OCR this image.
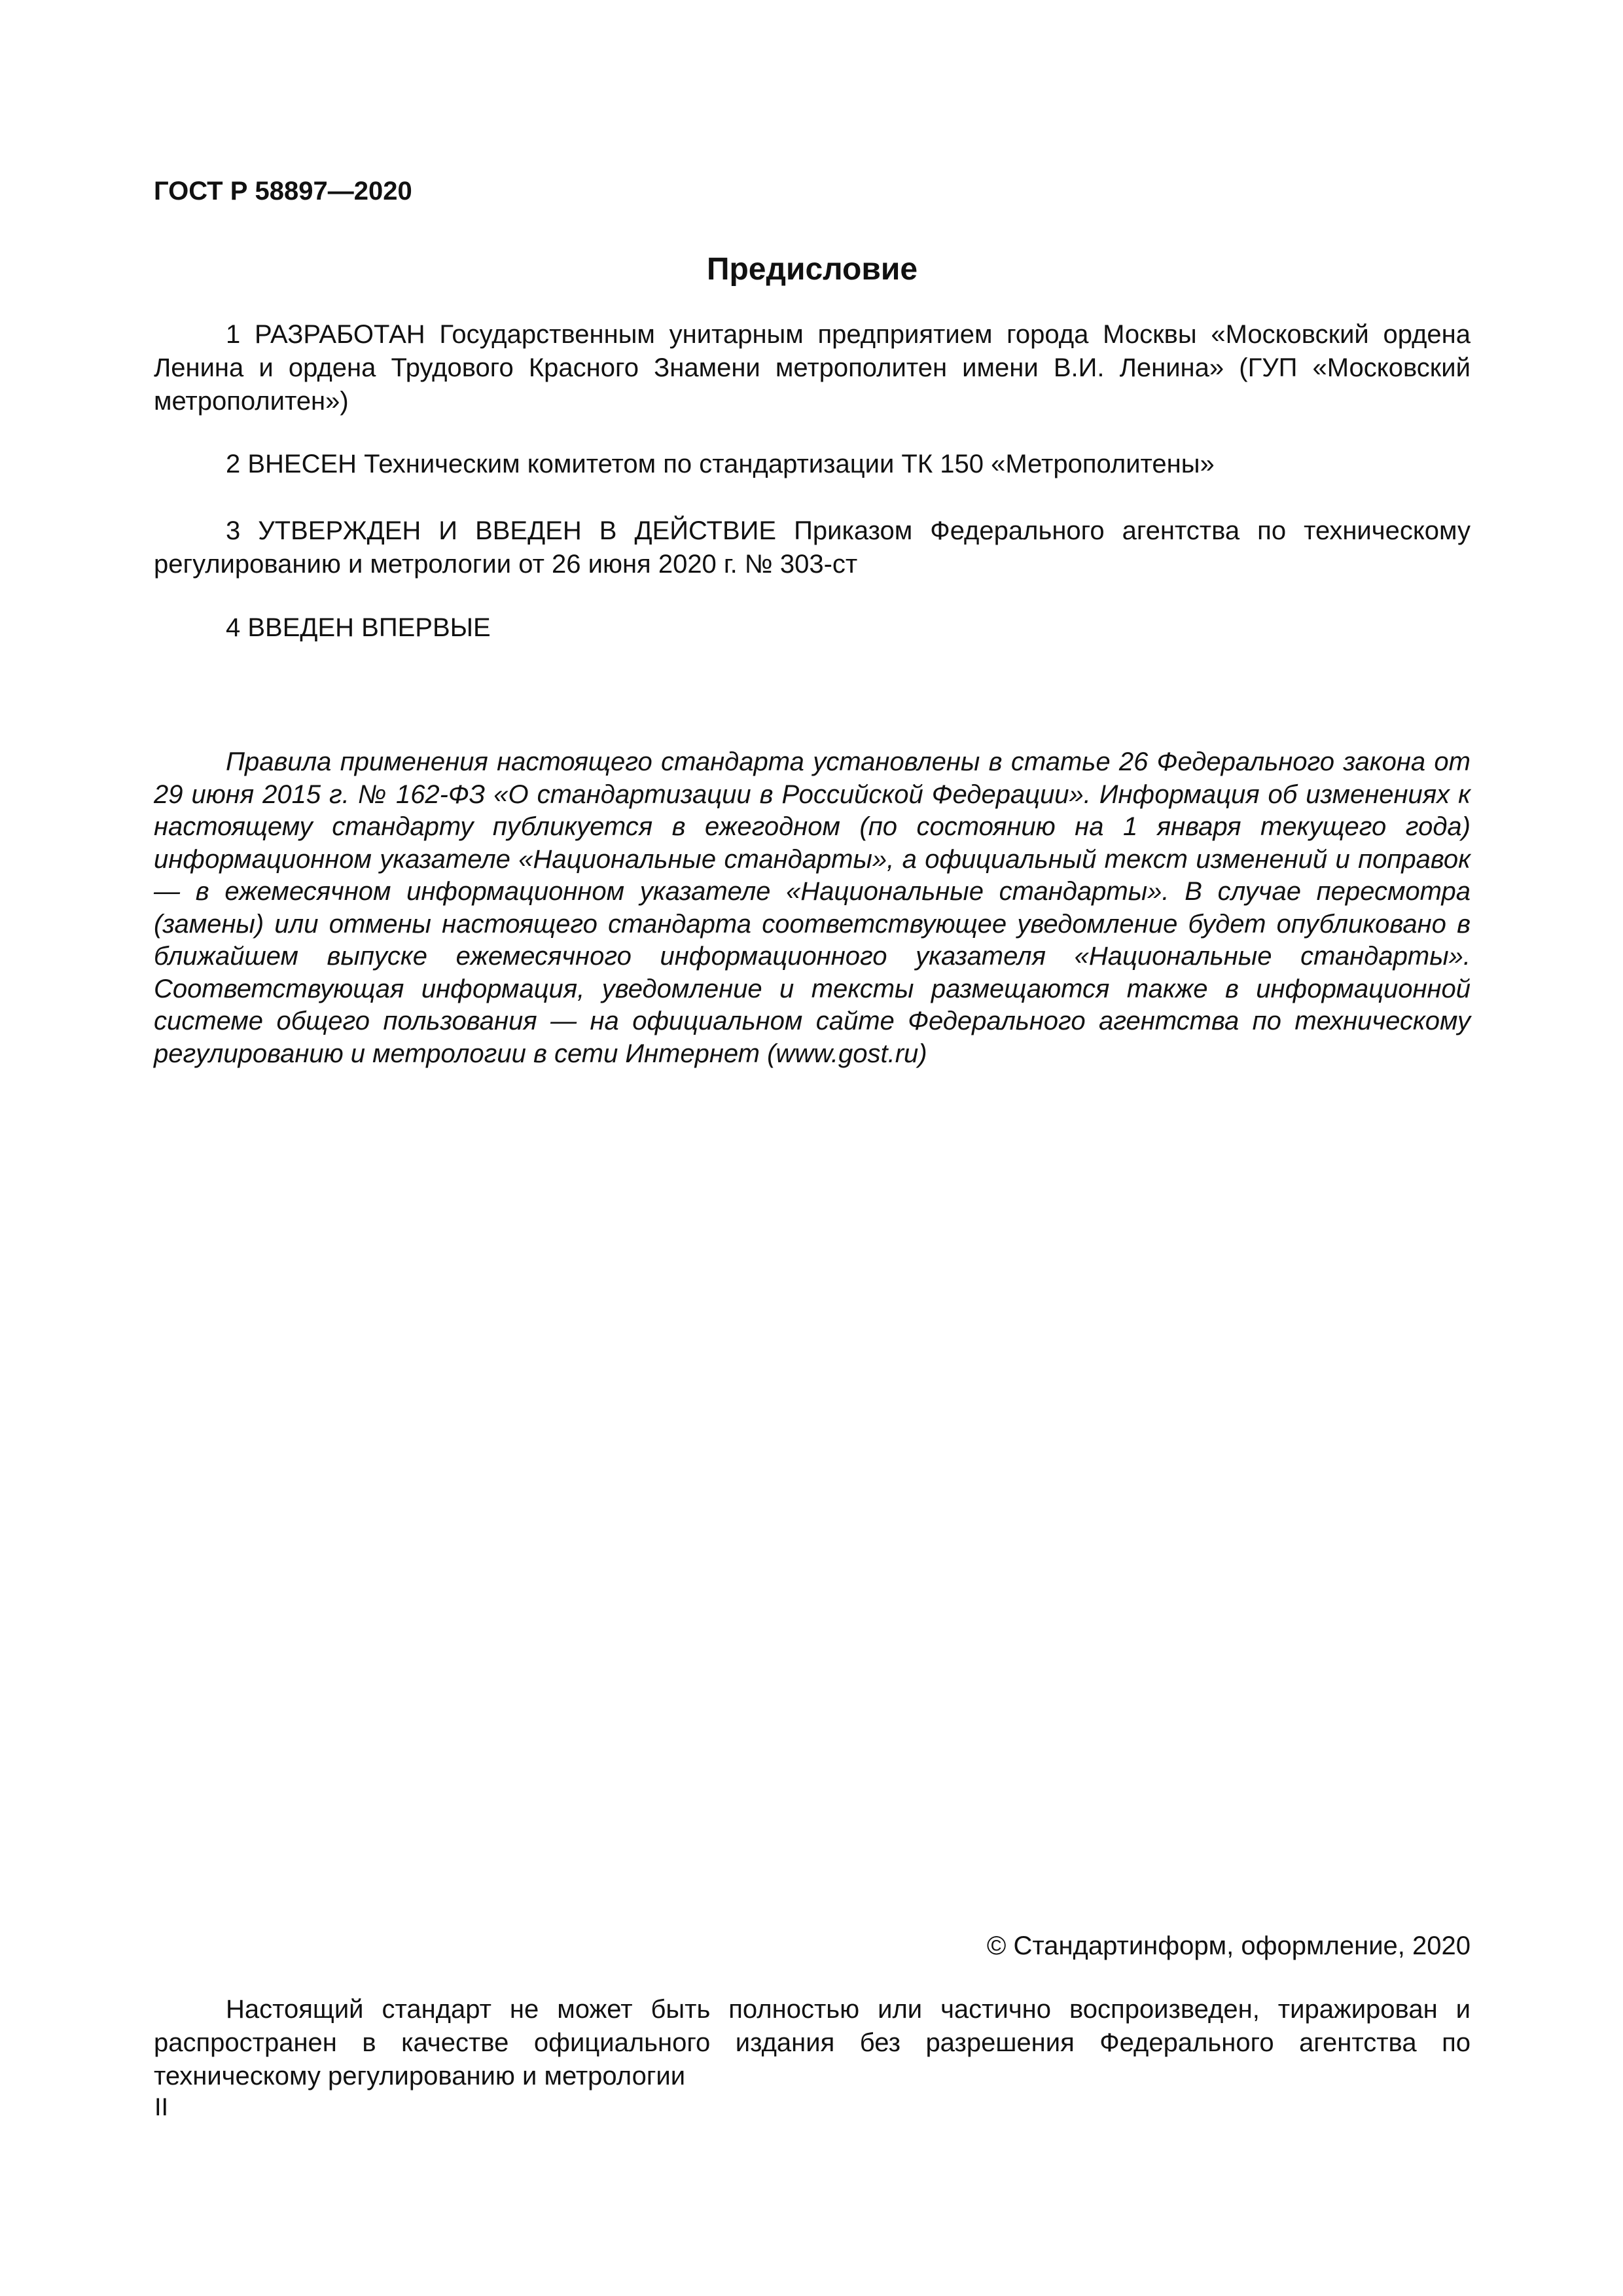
ГОСТ Р 58897—2020
Предисловие

1 РАЗРАБОТАН Государственным унитарным предприятием города Москвы «Московский ордена Ленина и ордена Трудового Красного Знамени метрополитен имени В.И. Ленина» (ГУП «Московский метрополитен»)

2 ВНЕСЕН Техническим комитетом по стандартизации ТК 150 «Метрополитены»

3 УТВЕРЖДЕН И ВВЕДЕН В ДЕЙСТВИЕ Приказом Федерального агентства по техническому регулированию и метрологии от 26 июня 2020 г. № 303-ст

4 ВВЕДЕН ВПЕРВЫЕ

Правила применения настоящего стандарта установлены в статье 26 Федерального закона от 29 июня 2015 г. № 162-ФЗ «О стандартизации в Российской Федерации». Информация об изменениях к настоящему стандарту публикуется в ежегодном (по состоянию на 1 января текущего года) информационном указателе «Национальные стандарты», а официальный текст изменений и поправок — в ежемесячном информационном указателе «Национальные стандарты». В случае пересмотра (замены) или отмены настоящего стандарта соответствующее уведомление будет опубликовано в ближайшем выпуске ежемесячного информационного указателя «Национальные стандарты». Соответствующая информация, уведомление и тексты размещаются также в информационной системе общего пользования — на официальном сайте Федерального агентства по техническому регулированию и метрологии в сети Интернет (www.gost.ru)

© Стандартинформ, оформление, 2020

Настоящий стандарт не может быть полностью или частично воспроизведен, тиражирован и распространен в качестве официального издания без разрешения Федерального агентства по техническому регулированию и метрологии

II
